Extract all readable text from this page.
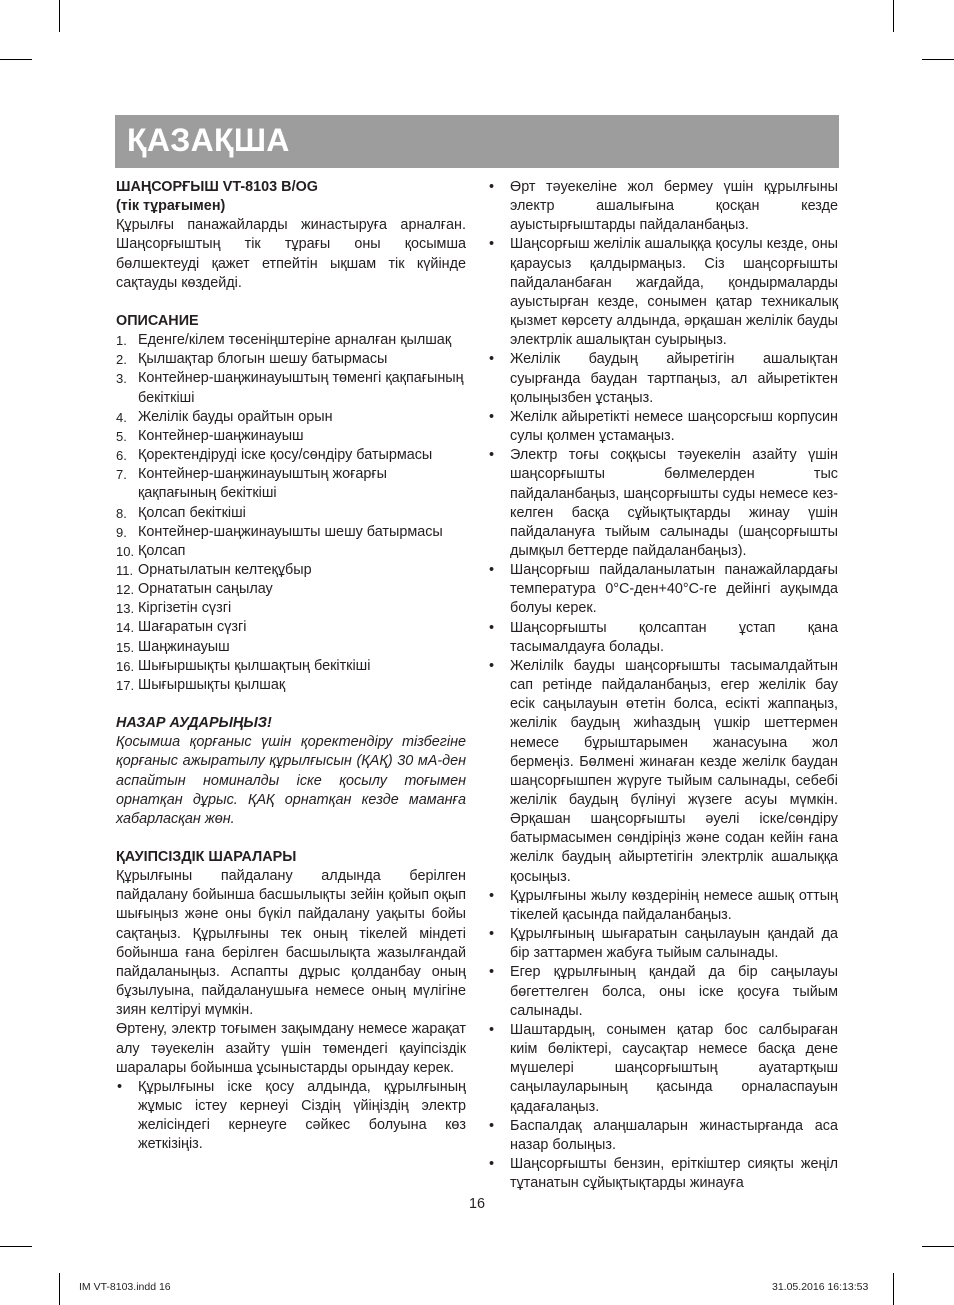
ҚАЗАҚША

ШАҢСОРҒЫШ VT-8103 В/OG

(тік тұрағымен)

Құрылғы панажайларды жинастыруға арналған. Шаңсорғыштың тік тұрағы оны қосымша бөлшектеуді қажет етпейтін ықшам тік күйінде сақтауды көздейді.

ОПИСАНИЕ

1. Еденге/кілем төсеніңштеріне арналған қылшақ
2. Қылшақтар блогын шешу батырмасы
3. Контейнер-шаңжинауыштың төменгі қақпағының бекіткіші
4. Желілік бауды орайтын орын
5. Контейнер-шаңжинауыш
6. Қоректендіруді іске қосу/сөндіру батырмасы
7. Контейнер-шаңжинауыштың жоғарғы қақпағының бекіткіші
8. Қолсап бекіткіші
9. Контейнер-шаңжинауышты шешу батырмасы
10. Қолсап
11. Орнатылатын келтеқұбыр
12. Орнататын саңылау
13. Кіргізетін сүзгі
14. Шағаратын сүзгі
15. Шаңжинауыш
16. Шығыршықты қылшақтың бекіткіші
17. Шығыршықты қылшақ

НАЗАР АУДАРЫҢЫЗ!

Қосымша қорғаныс үшін қоректендіру тізбегіне қорғаныс ажыратылу құрылғысын (ҚАҚ) 30 мА-ден аспайтын номиналды іске қосылу тоғымен орнатқан дұрыс. ҚАҚ орнатқан кезде маманға хабарласқан жөн.

ҚАУІПСІЗДІК ШАРАЛАРЫ

Құрылғыны пайдалану алдында берілген пайдалану бойынша басшылықты зейін қойып оқып шығыңыз және оны бүкіл пайдалану уақыты бойы сақтаңыз. Құрылғыны тек оның тікелей міндеті бойынша ғана берілген басшылықта жазылғандай пайдаланыңыз. Аспапты дұрыс қолданбау оның бұзылуына, пайдаланушыға немесе оның мүлігіне зиян келтіруі мүмкін.

Өртену, электр тоғымен зақымдану немесе жарақат алу тәуекелін азайту үшін төмендегі қауіпсіздік шаралары бойынша ұсыныстарды орындау керек.

• Құрылғыны іске қосу алдында, құрылғының жұмыс істеу кернеуі Сіздің үйіңіздің электр желісіндегі кернеуге сәйкес болуына көз жеткізіңіз.
• Өрт тәуекеліне жол бермеу үшін құрылғыны электр ашалығына қосқан кезде ауыстырғыштарды пайдаланбаңыз.
• Шаңсорғыш желілік ашалыққа қосулы кезде, оны қараусыз қалдырмаңыз. Сіз шаңсорғышты пайдаланбаған жағдайда, қондырмаларды ауыстырған кезде, сонымен қатар техникалық қызмет көрсету алдында, әрқашан желілік бауды электрлік ашалықтан суырыңыз.
• Желілік баудың айыретігін ашалықтан суырғанда баудан тартпаңыз, ал айыретіктен қолыңызбен ұстаңыз.
• Желілк айыретікті немесе шаңсорсғыш корпусин сулы қолмен ұстамаңыз.
• Электр тоғы соққысы тәуекелін азайту үшін шаңсорғышты бөлмелерден тыс пайдаланбаңыз, шаңсорғышты суды немесе кез-келген басқа сұйықтықтарды жинау үшін пайдалануға тыйым салынады (шаңсорғышты дымқыл беттерде пайдаланбаңыз).
• Шаңсорғыш пайдаланылатын панажайлардағы температура 0°С-ден+40°С-ге дейінгі ауқымда болуы керек.
• Шаңсорғышты қолсаптан ұстап қана тасымалдауға болады.
• Желіліlк бауды шаңсорғышты тасымалдайтын сап ретінде пайдаланбаңыз, егер желілік бау есік саңылауын өтетін болса, есікті жаппаңыз, желілік баудың жиhаздың үшкір шеттермен немесе бұрыштарымен жанасуына жол бермеңіз. Бөлмені жинаған кезде желілк баудан шаңсорғышпен жүруге тыйым салынады, себебі желілік баудың бүлінуі жүзеге асуы мүмкін. Әрқашан шаңсорғышты әуелі іске/сөндіру батырмасымен сөндіріңіз және содан кейін ғана желілк баудың айыртетігін электрлік ашалыққа қосыңыз.
• Құрылғыны жылу көздерінің немесе ашық оттың тікелей қасында пайдаланбаңыз.
• Құрылғының шығаратын саңылауын қандай да бір заттармен жабуға тыйым салынады.
• Егер құрылғының қандай да бір саңылауы бөгеттелген болса, оны іске қосуға тыйым салынады.
• Шаштардың, сонымен қатар бос салбыраған киім бөліктері, саусақтар немесе басқа дене мүшелері шаңсорғыштың ауатартқыш саңылауларының қасында орналаспауын қадағалаңыз.
• Баспалдақ алаңшаларын жинастырғанда аса назар болыңыз.
• Шаңсорғышты бензин, еріткіштер сияқты жеңіл тұтанатын сұйықтықтарды жинауға
16
IM VT-8103.indd 16	31.05.2016 16:13:53
